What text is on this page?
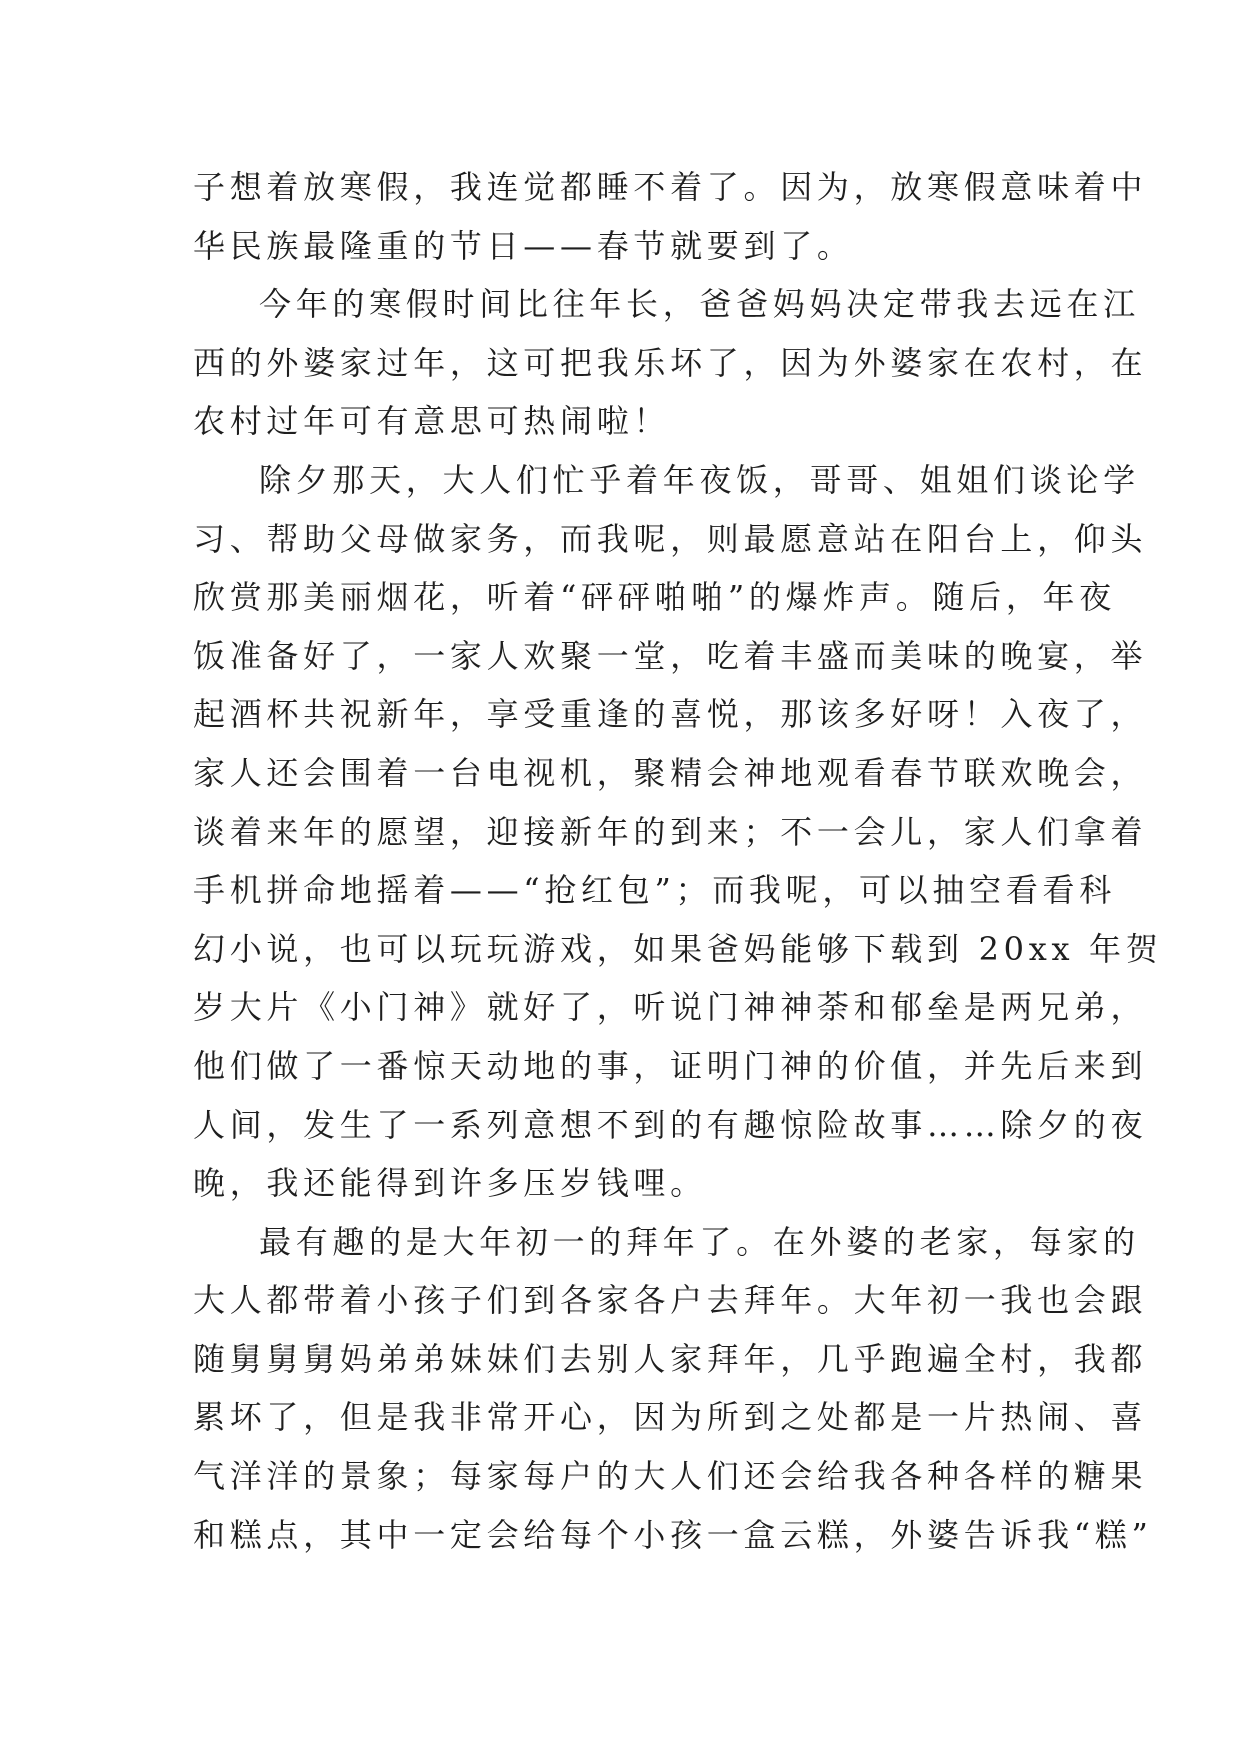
子想着放寒假，我连觉都睡不着了。因为，放寒假意味着中
华民族最隆重的节日——春节就要到了。
今年的寒假时间比往年长，爸爸妈妈决定带我去远在江
西的外婆家过年，这可把我乐坏了，因为外婆家在农村，在
农村过年可有意思可热闹啦！
除夕那天，大人们忙乎着年夜饭，哥哥、姐姐们谈论学
习、帮助父母做家务，而我呢，则最愿意站在阳台上，仰头
欣赏那美丽烟花，听着“砰砰啪啪”的爆炸声。随后，年夜
饭准备好了，一家人欢聚一堂，吃着丰盛而美味的晚宴，举
起酒杯共祝新年，享受重逢的喜悦，那该多好呀！入夜了，
家人还会围着一台电视机，聚精会神地观看春节联欢晚会，
谈着来年的愿望，迎接新年的到来；不一会儿，家人们拿着
手机拼命地摇着——“抢红包”；而我呢，可以抽空看看科
幻小说，也可以玩玩游戏，如果爸妈能够下载到 20xx 年贺
岁大片《小门神》就好了，听说门神神荼和郁垒是两兄弟，
他们做了一番惊天动地的事，证明门神的价值，并先后来到
人间，发生了一系列意想不到的有趣惊险故事……除夕的夜
晚，我还能得到许多压岁钱哩。
最有趣的是大年初一的拜年了。在外婆的老家，每家的
大人都带着小孩子们到各家各户去拜年。大年初一我也会跟
随舅舅舅妈弟弟妹妹们去别人家拜年，几乎跑遍全村，我都
累坏了，但是我非常开心，因为所到之处都是一片热闹、喜
气洋洋的景象；每家每户的大人们还会给我各种各样的糖果
和糕点，其中一定会给每个小孩一盒云糕，外婆告诉我“糕”
